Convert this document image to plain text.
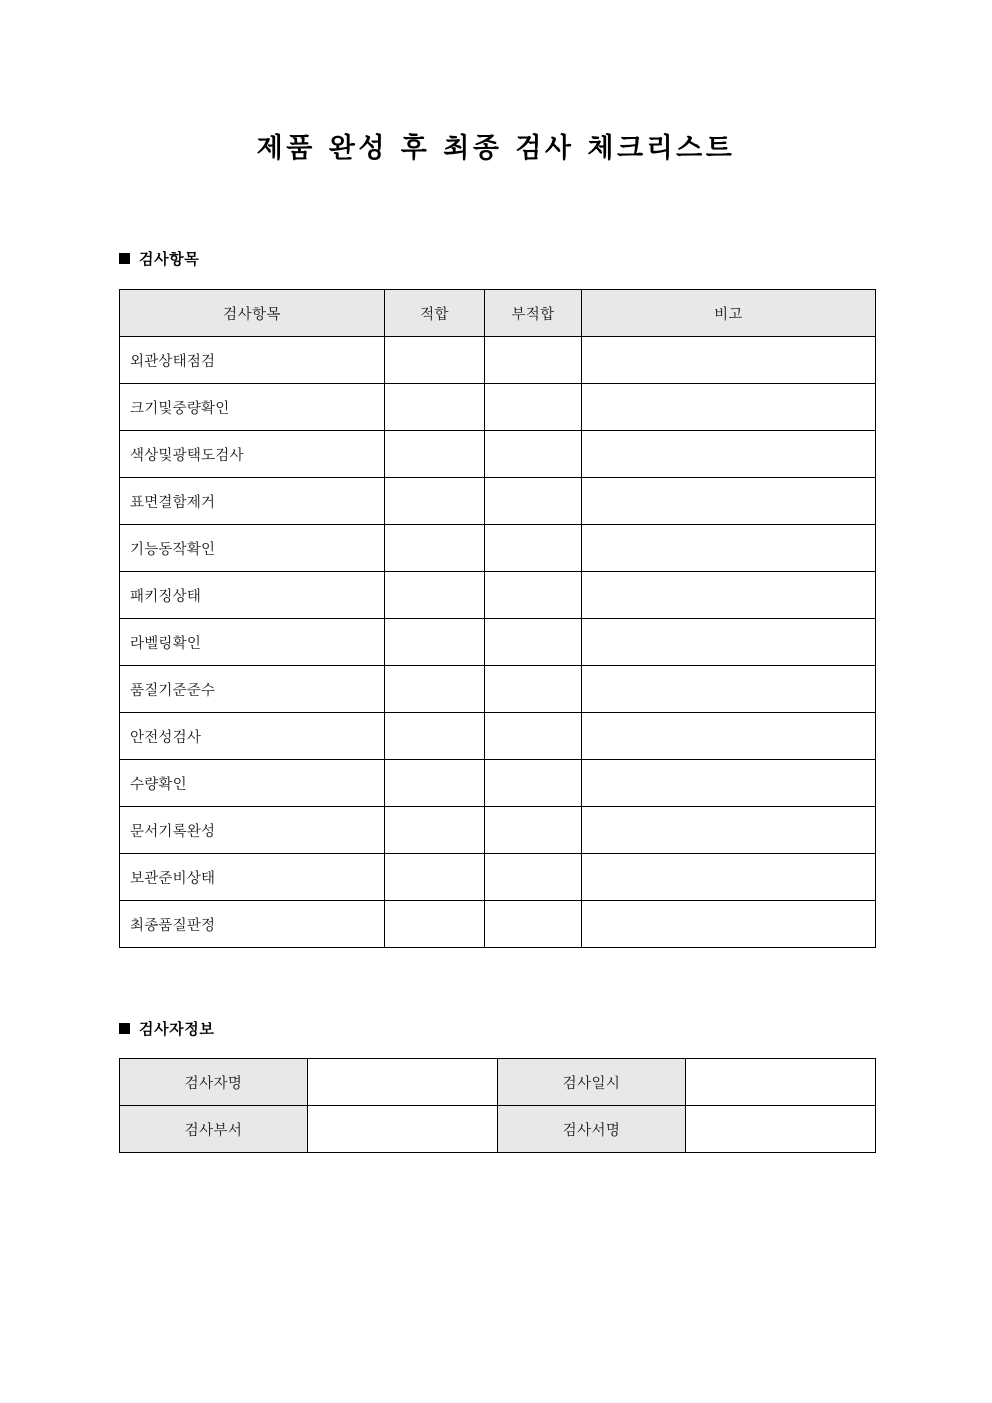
제품 완성 후 최종 검사 체크리스트
검사항목
검사항목	적합	부적합	비고
외관상태점검			
크기및중량확인			
색상및광택도검사			
표면결함제거			
기능동작확인			
패키징상태			
라벨링확인			
품질기준준수			
안전성검사			
수량확인			
문서기록완성			
보관준비상태			
최종품질판정			
검사자정보
검사자명		검사일시	
검사부서		검사서명	
